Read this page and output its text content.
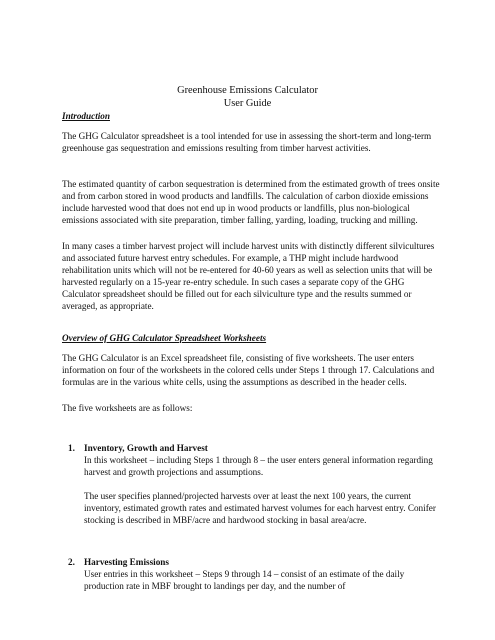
Greenhouse Emissions Calculator
User Guide
Introduction
The GHG Calculator spreadsheet is a tool intended for use in assessing the short-term and long-term greenhouse gas sequestration and emissions resulting from timber harvest activities.
The estimated quantity of carbon sequestration is determined from the estimated growth of trees onsite and from carbon stored in wood products and landfills. The calculation of carbon dioxide emissions include harvested wood that does not end up in wood products or landfills, plus non-biological emissions associated with site preparation, timber falling, yarding, loading, trucking and milling.
In many cases a timber harvest project will include harvest units with distinctly different silvicultures and associated future harvest entry schedules. For example, a THP might include hardwood rehabilitation units which will not be re-entered for 40-60 years as well as selection units that will be harvested regularly on a 15-year re-entry schedule. In such cases a separate copy of the GHG Calculator spreadsheet should be filled out for each silviculture type and the results summed or averaged, as appropriate.
Overview of GHG Calculator Spreadsheet Worksheets
The GHG Calculator is an Excel spreadsheet file, consisting of five worksheets. The user enters information on four of the worksheets in the colored cells under Steps 1 through 17. Calculations and formulas are in the various white cells, using the assumptions as described in the header cells.
The five worksheets are as follows:
1. Inventory, Growth and Harvest
In this worksheet – including Steps 1 through 8 – the user enters general information regarding harvest and growth projections and assumptions.
The user specifies planned/projected harvests over at least the next 100 years, the current inventory, estimated growth rates and estimated harvest volumes for each harvest entry. Conifer stocking is described in MBF/acre and hardwood stocking in basal area/acre.
2. Harvesting Emissions
User entries in this worksheet – Steps 9 through 14 – consist of an estimate of the daily production rate in MBF brought to landings per day, and the number of
